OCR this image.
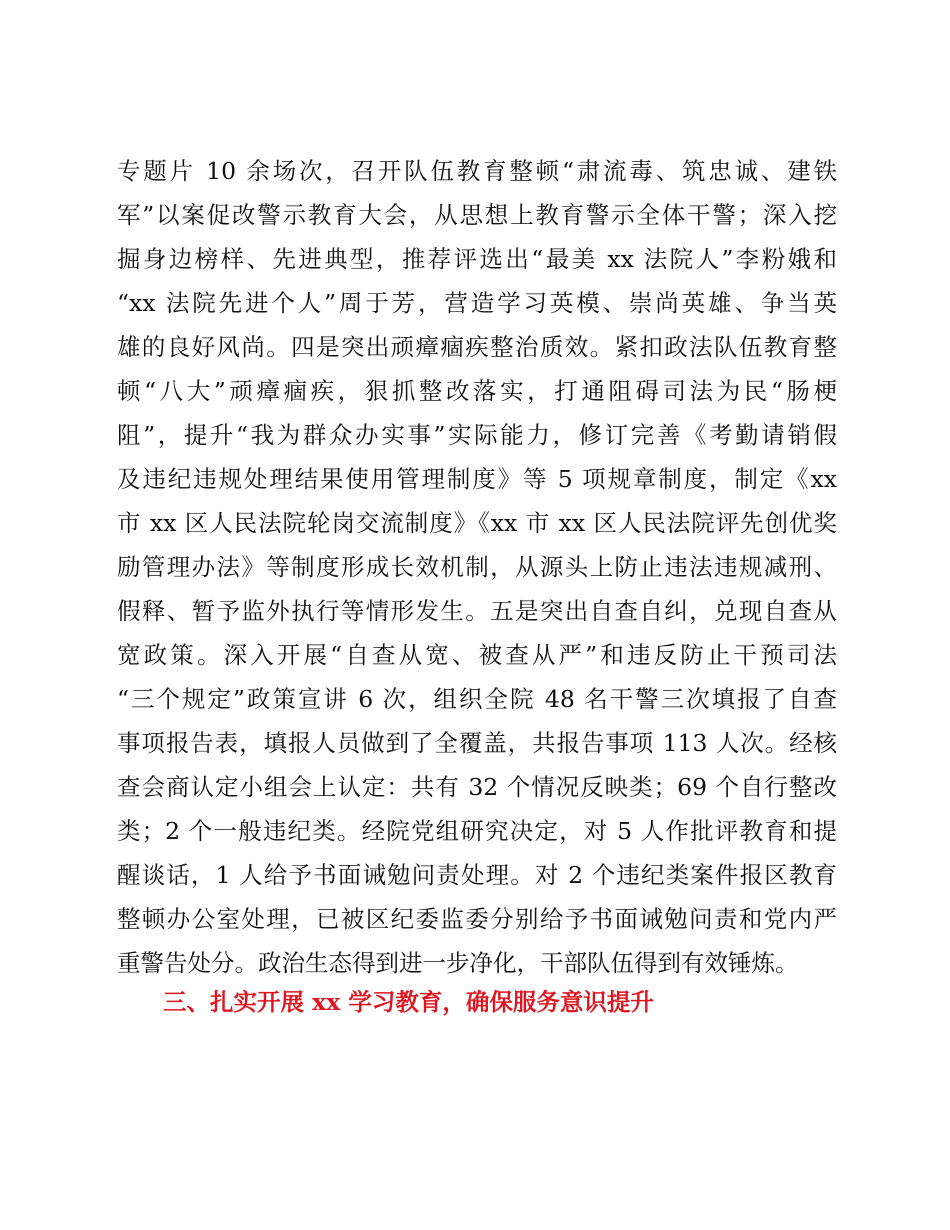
专题片 10 余场次，召开队伍教育整顿“肃流毒、筑忠诚、建铁
军”以案促改警示教育大会，从思想上教育警示全体干警；深入挖
掘身边榜样、先进典型，推荐评选出“最美 xx 法院人”李粉娥和
“xx 法院先进个人”周于芳，营造学习英模、崇尚英雄、争当英
雄的良好风尚。四是突出顽瘴痼疾整治质效。紧扣政法队伍教育整
顿“八大”顽瘴痼疾，狠抓整改落实，打通阻碍司法为民“肠梗
阻”，提升“我为群众办实事”实际能力，修订完善《考勤请销假
及违纪违规处理结果使用管理制度》等 5 项规章制度，制定《xx
市 xx 区人民法院轮岗交流制度》《xx 市 xx 区人民法院评先创优奖
励管理办法》等制度形成长效机制，从源头上防止违法违规减刑、
假释、暂予监外执行等情形发生。五是突出自查自纠，兑现自查从
宽政策。深入开展“自查从宽、被查从严”和违反防止干预司法
“三个规定”政策宣讲 6 次，组织全院 48 名干警三次填报了自查
事项报告表，填报人员做到了全覆盖，共报告事项 113 人次。经核
查会商认定小组会上认定：共有 32 个情况反映类；69 个自行整改
类；2 个一般违纪类。经院党组研究决定，对 5 人作批评教育和提
醒谈话，1 人给予书面诫勉问责处理。对 2 个违纪类案件报区教育
整顿办公室处理，已被区纪委监委分别给予书面诫勉问责和党内严
重警告处分。政治生态得到进一步净化，干部队伍得到有效锤炼。
三、扎实开展 xx 学习教育，确保服务意识提升
